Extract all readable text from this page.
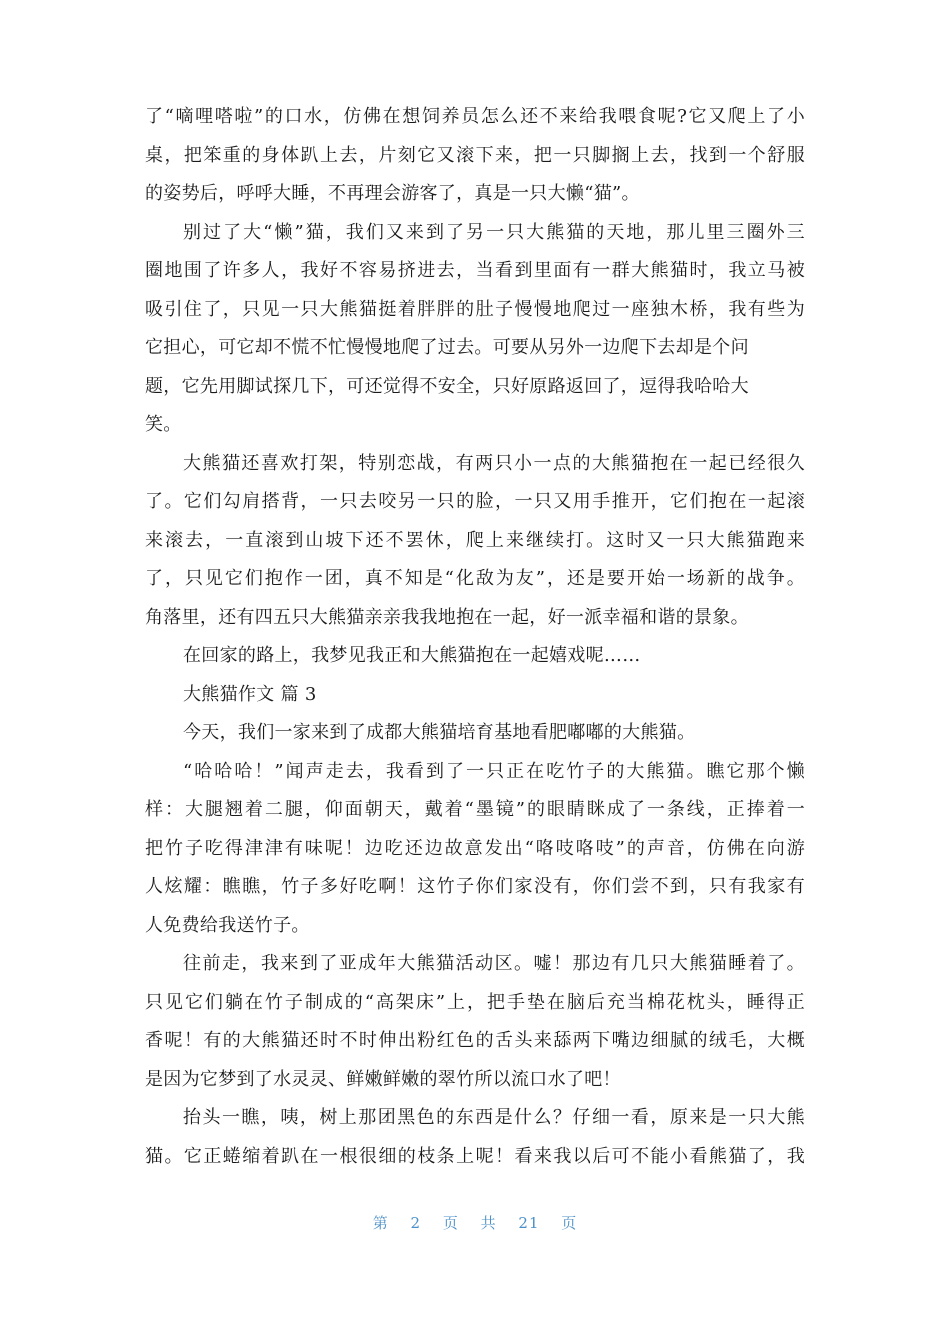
了“嘀哩嗒啦”的口水，仿佛在想饲养员怎么还不来给我喂食呢?它又爬上了小
桌，把笨重的身体趴上去，片刻它又滚下来，把一只脚搁上去，找到一个舒服
的姿势后，呼呼大睡，不再理会游客了，真是一只大懒“猫”。
别过了大“懒”猫，我们又来到了另一只大熊猫的天地，那儿里三圈外三
圈地围了许多人，我好不容易挤进去，当看到里面有一群大熊猫时，我立马被
吸引住了，只见一只大熊猫挺着胖胖的肚子慢慢地爬过一座独木桥，我有些为
它担心，可它却不慌不忙慢慢地爬了过去。可要从另外一边爬下去却是个问
题，它先用脚试探几下，可还觉得不安全，只好原路返回了，逗得我哈哈大
笑。
大熊猫还喜欢打架，特别恋战，有两只小一点的大熊猫抱在一起已经很久
了。它们勾肩搭背，一只去咬另一只的脸，一只又用手推开，它们抱在一起滚
来滚去，一直滚到山坡下还不罢休，爬上来继续打。这时又一只大熊猫跑来
了，只见它们抱作一团，真不知是“化敌为友”，还是要开始一场新的战争。
角落里，还有四五只大熊猫亲亲我我地抱在一起，好一派幸福和谐的景象。
在回家的路上，我梦见我正和大熊猫抱在一起嬉戏呢……
大熊猫作文 篇 3
今天，我们一家来到了成都大熊猫培育基地看肥嘟嘟的大熊猫。
“哈哈哈！”闻声走去，我看到了一只正在吃竹子的大熊猫。瞧它那个懒
样：大腿翘着二腿，仰面朝天，戴着“墨镜”的眼睛眯成了一条线，正捧着一
把竹子吃得津津有味呢！边吃还边故意发出“咯吱咯吱”的声音，仿佛在向游
人炫耀：瞧瞧，竹子多好吃啊！这竹子你们家没有，你们尝不到，只有我家有
人免费给我送竹子。
往前走，我来到了亚成年大熊猫活动区。嘘！那边有几只大熊猫睡着了。
只见它们躺在竹子制成的“高架床”上，把手垫在脑后充当棉花枕头，睡得正
香呢！有的大熊猫还时不时伸出粉红色的舌头来舔两下嘴边细腻的绒毛，大概
是因为它梦到了水灵灵、鲜嫩鲜嫩的翠竹所以流口水了吧！
抬头一瞧，咦，树上那团黑色的东西是什么？仔细一看，原来是一只大熊
猫。它正蜷缩着趴在一根很细的枝条上呢！看来我以后可不能小看熊猫了，我
第 2 页 共 21 页
